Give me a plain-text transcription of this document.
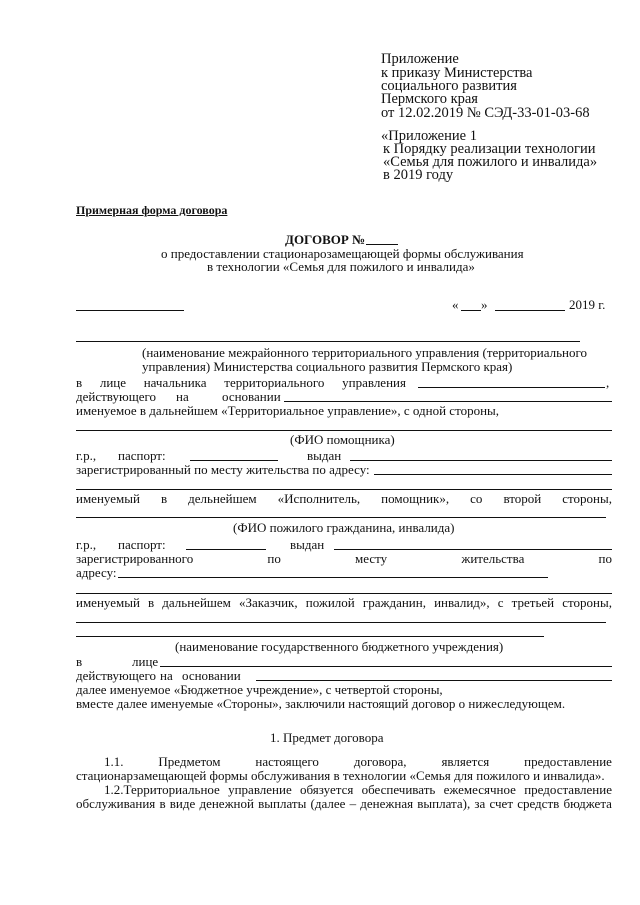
Приложение
к приказу Министерства
социального развития
Пермского края
от 12.02.2019 № СЭД-33-01-03-68
«Приложение 1
к Порядку реализации технологии
«Семья для пожилого и инвалида»
в 2019 году
Примерная форма договора
ДОГОВОР №
о предоставлении стационарозамещающей формы обслуживания
в технологии «Семья для пожилого и инвалида»
« »	2019 г.
(наименование межрайонного территориального управления (территориального
управления) Министерства социального развития Пермского края)
в лице начальника территориального управления	,
действующего на	основании
именуемое в дальнейшем «Территориальное управление», с одной стороны,
(ФИО помощника)
г.р., паспорт:	выдан
зарегистрированный по месту жительства по адресу:
именуемый в дельнейшем «Исполнитель, помощник», со второй стороны,
(ФИО пожилого гражданина, инвалида)
г.р., паспорт:	выдан
зарегистрированного	по	месту	жительства	по
адресу:
именуемый в дальнейшем «Заказчик, пожилой гражданин, инвалид», с третьей стороны,
(наименование государственного бюджетного учреждения)
в	лице
действующего на основании
далее именуемое «Бюджетное учреждение», с четвертой стороны,
вместе далее именуемые «Стороны», заключили настоящий договор о нижеследующем.
1. Предмет договора
1.1.	Предметом	настоящего	договора,	является	предоставление
стационарзамещающей формы обслуживания в технологии «Семья для пожилого и инвалида».
1.2.Территориальное управление обязуется обеспечивать ежемесячное предоставление
обслуживания в виде денежной выплаты (далее – денежная выплата), за счет средств бюджета
